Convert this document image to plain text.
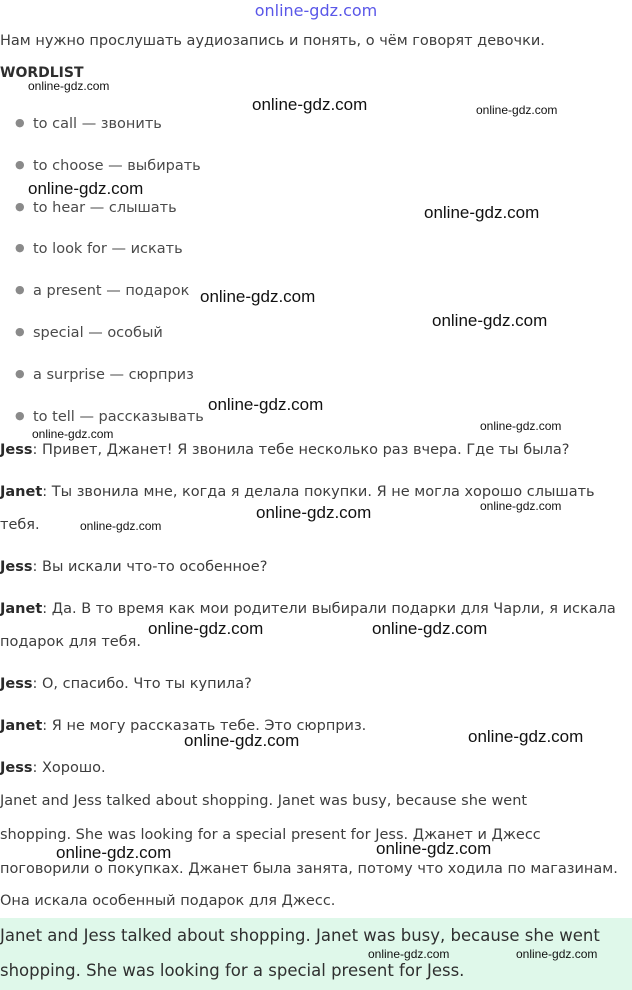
online-gdz.com
Нам нужно прослушать аудиозапись и понять, о чём говорят девочки.
WORDLIST
● to call — звонить
● to choose — выбирать
● to hear — слышать
● to look for — искать
● a present — подарок
● special — особый
● a surprise — сюрприз
● to tell — рассказывать
Jess: Привет, Джанет! Я звонила тебе несколько раз вчера. Где ты была?
Janet: Ты звонила мне, когда я делала покупки. Я не могла хорошо слышать тебя.
Jess: Вы искали что-то особенное?
Janet: Да. В то время как мои родители выбирали подарки для Чарли, я искала подарок для тебя.
Jess: О, спасибо. Что ты купила?
Janet: Я не могу рассказать тебе. Это сюрприз.
Jess: Хорошо.
Janet and Jess talked about shopping. Janet was busy, because she went
shopping. She was looking for a special present for Jess. Джанет и Джесс
поговорили о покупках. Джанет была занята, потому что ходила по магазинам.
Она искала особенный подарок для Джесс.
Janet and Jess talked about shopping. Janet was busy, because she went
shopping. She was looking for a special present for Jess.
online-gdz.com
online-gdz.com	online-gdz.com
online-gdz.com
online-gdz.com
online-gdz.com
online-gdz.com
online-gdz.com
online-gdz.com
online-gdz.com
online-gdz.com
online-gdz.com
online-gdz.com
online-gdz.com	online-gdz.com
online-gdz.com
online-gdz.com
online-gdz.com
online-gdz.com
online-gdz.com	online-gdz.com
